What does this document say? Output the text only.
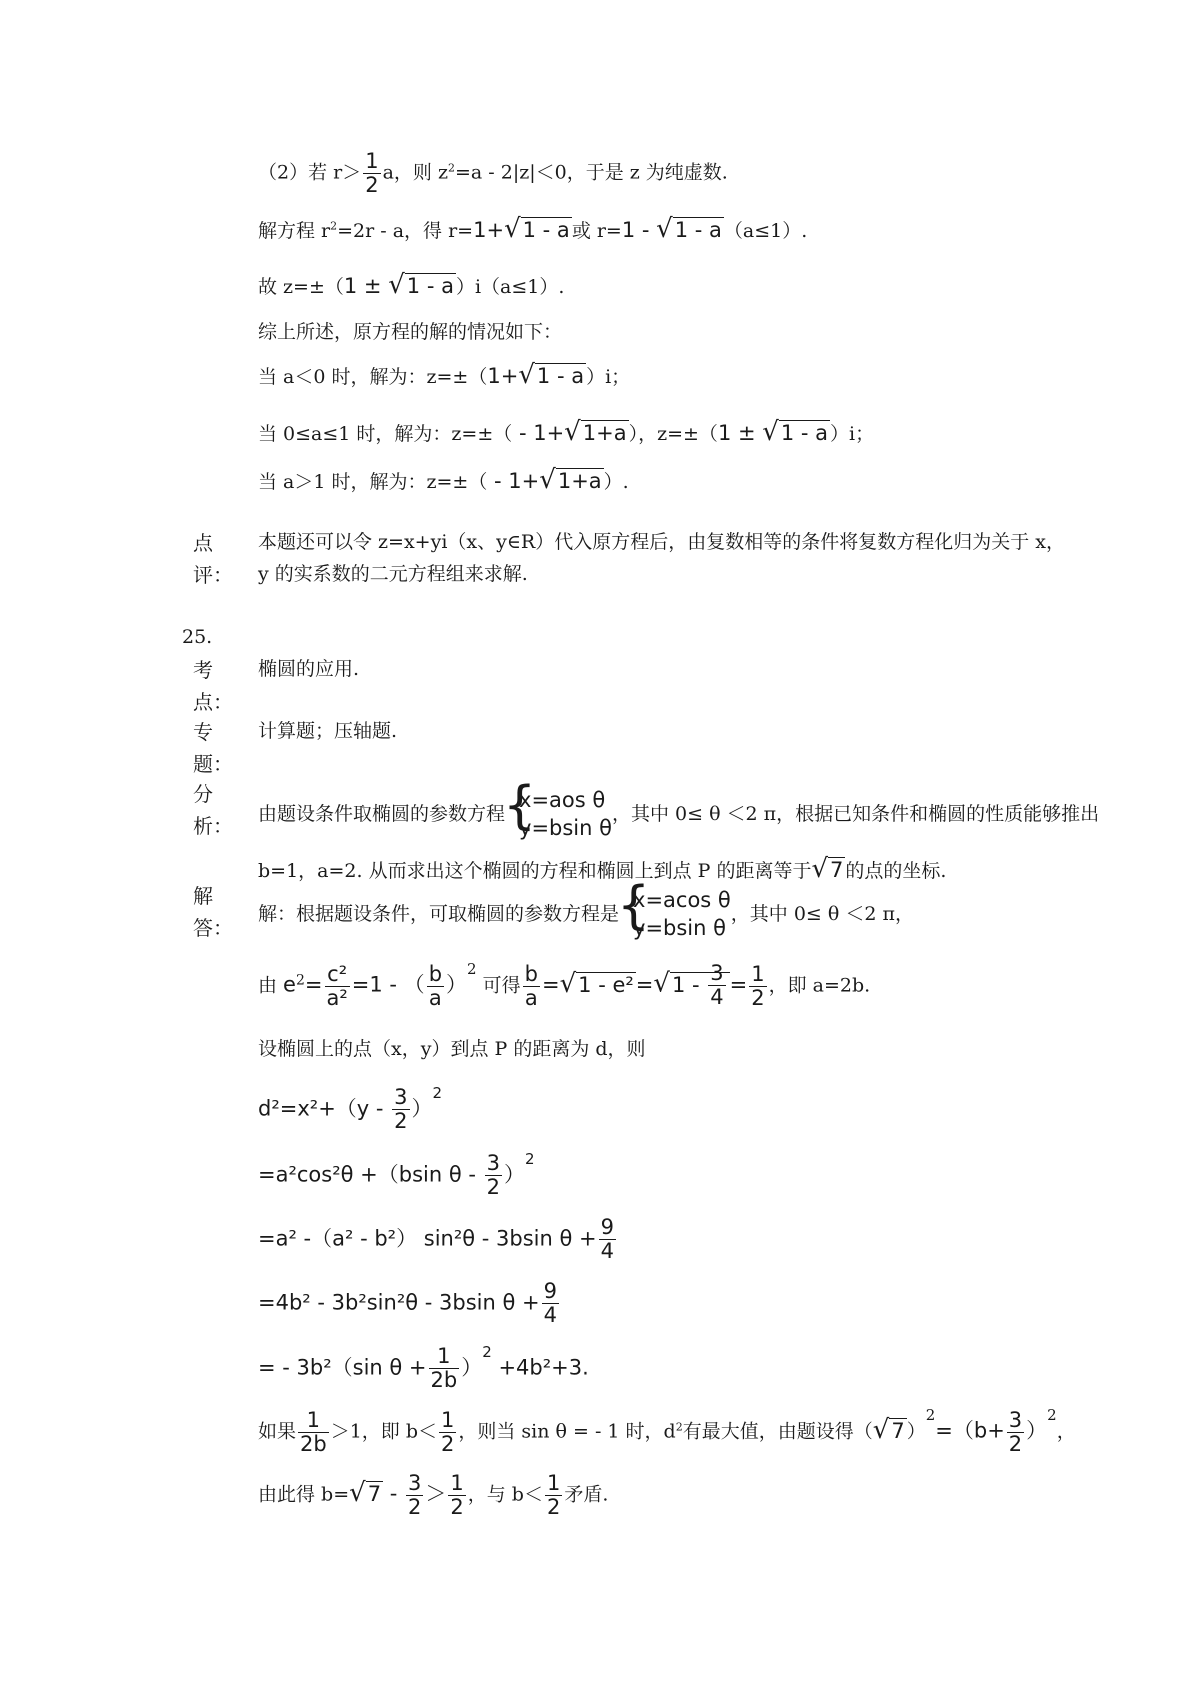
（2）若 $r> \frac{1}{2}$ a，则 $z^2=a - 2|z|<0$，于是 z 为纯虚数.
解方程 $r^2=2r - a$，得 r=1+√1 - a 或 r=1 - √1 - a （a≤1）.
故 z=±（1 ± √1 - a ）i（a≤1）.
综上所述，原方程的解的情况如下：
当 a＜0 时，解为：z=±（1+√1 - a ）i；
当 0≤a≤1 时，解为：z=±（ - 1+√1+a ），z=±（1 ± √1 - a ）i；
当 a＞1 时，解为：z=±（ - 1+√1+a ）.
点
评：
本题还可以令 z=x+yi（x、y∈R）代入原方程后，由复数相等的条件将复数方程化归为关于 x，
y 的实系数的二元方程组来求解.
25.
考
点：
椭圆的应用.
专
题：
计算题；压轴题.
分
析：
由题设条件取椭圆的参数方程
{
x=aos θ
y=bsin θ
，其中 0≤ θ ＜2 π，根据已知条件和椭圆的性质能够推出
b=1，a=2. 从而求出这个椭圆的方程和椭圆上到点 P 的距离等于√7 的点的坐标.
解
答：
解：根据题设条件，可取椭圆的参数方程是
{
x=acos θ
y=bsin θ
，其中 0≤ θ ＜2 π，
由 $e^2= \frac{\text{c²}}{\text{a²}} =1$ - （ $\frac{b}{a} )^2$ 可得 $\frac{b}{a} =√1 - e^2=√1 - \frac{3}{4} = \frac{1}{2}$ ，即 a=2b.
设椭圆上的点（x，y）到点 P 的距离为 d，则
$d^2=x^2+(y - \frac{3}{2} )^2$
=a²cos²θ +（bsin θ - $\frac{3}{2} )^2$
=a² -（a² - b²） sin²θ - 3bsin $\theta + \frac{9}{4}$
=4b² - 3b²sin²θ - 3bsin $\theta + \frac{9}{4}$
= - 3b²（sin $\theta + \frac{1}{2b} )^2 +4b^2+3$.
如果 $\frac{1}{2b} >1$，即 $b< \frac{1}{2}$ ，则当 sin θ = - 1 时，$d^2$有最大值，由题设得（√7 ）$^2=(b+ \frac{3}{2} )^2$，
由此得 $b=√7 - \frac{3}{2} > \frac{1}{2}$ ，与 $b< \frac{1}{2}$ 矛盾.
